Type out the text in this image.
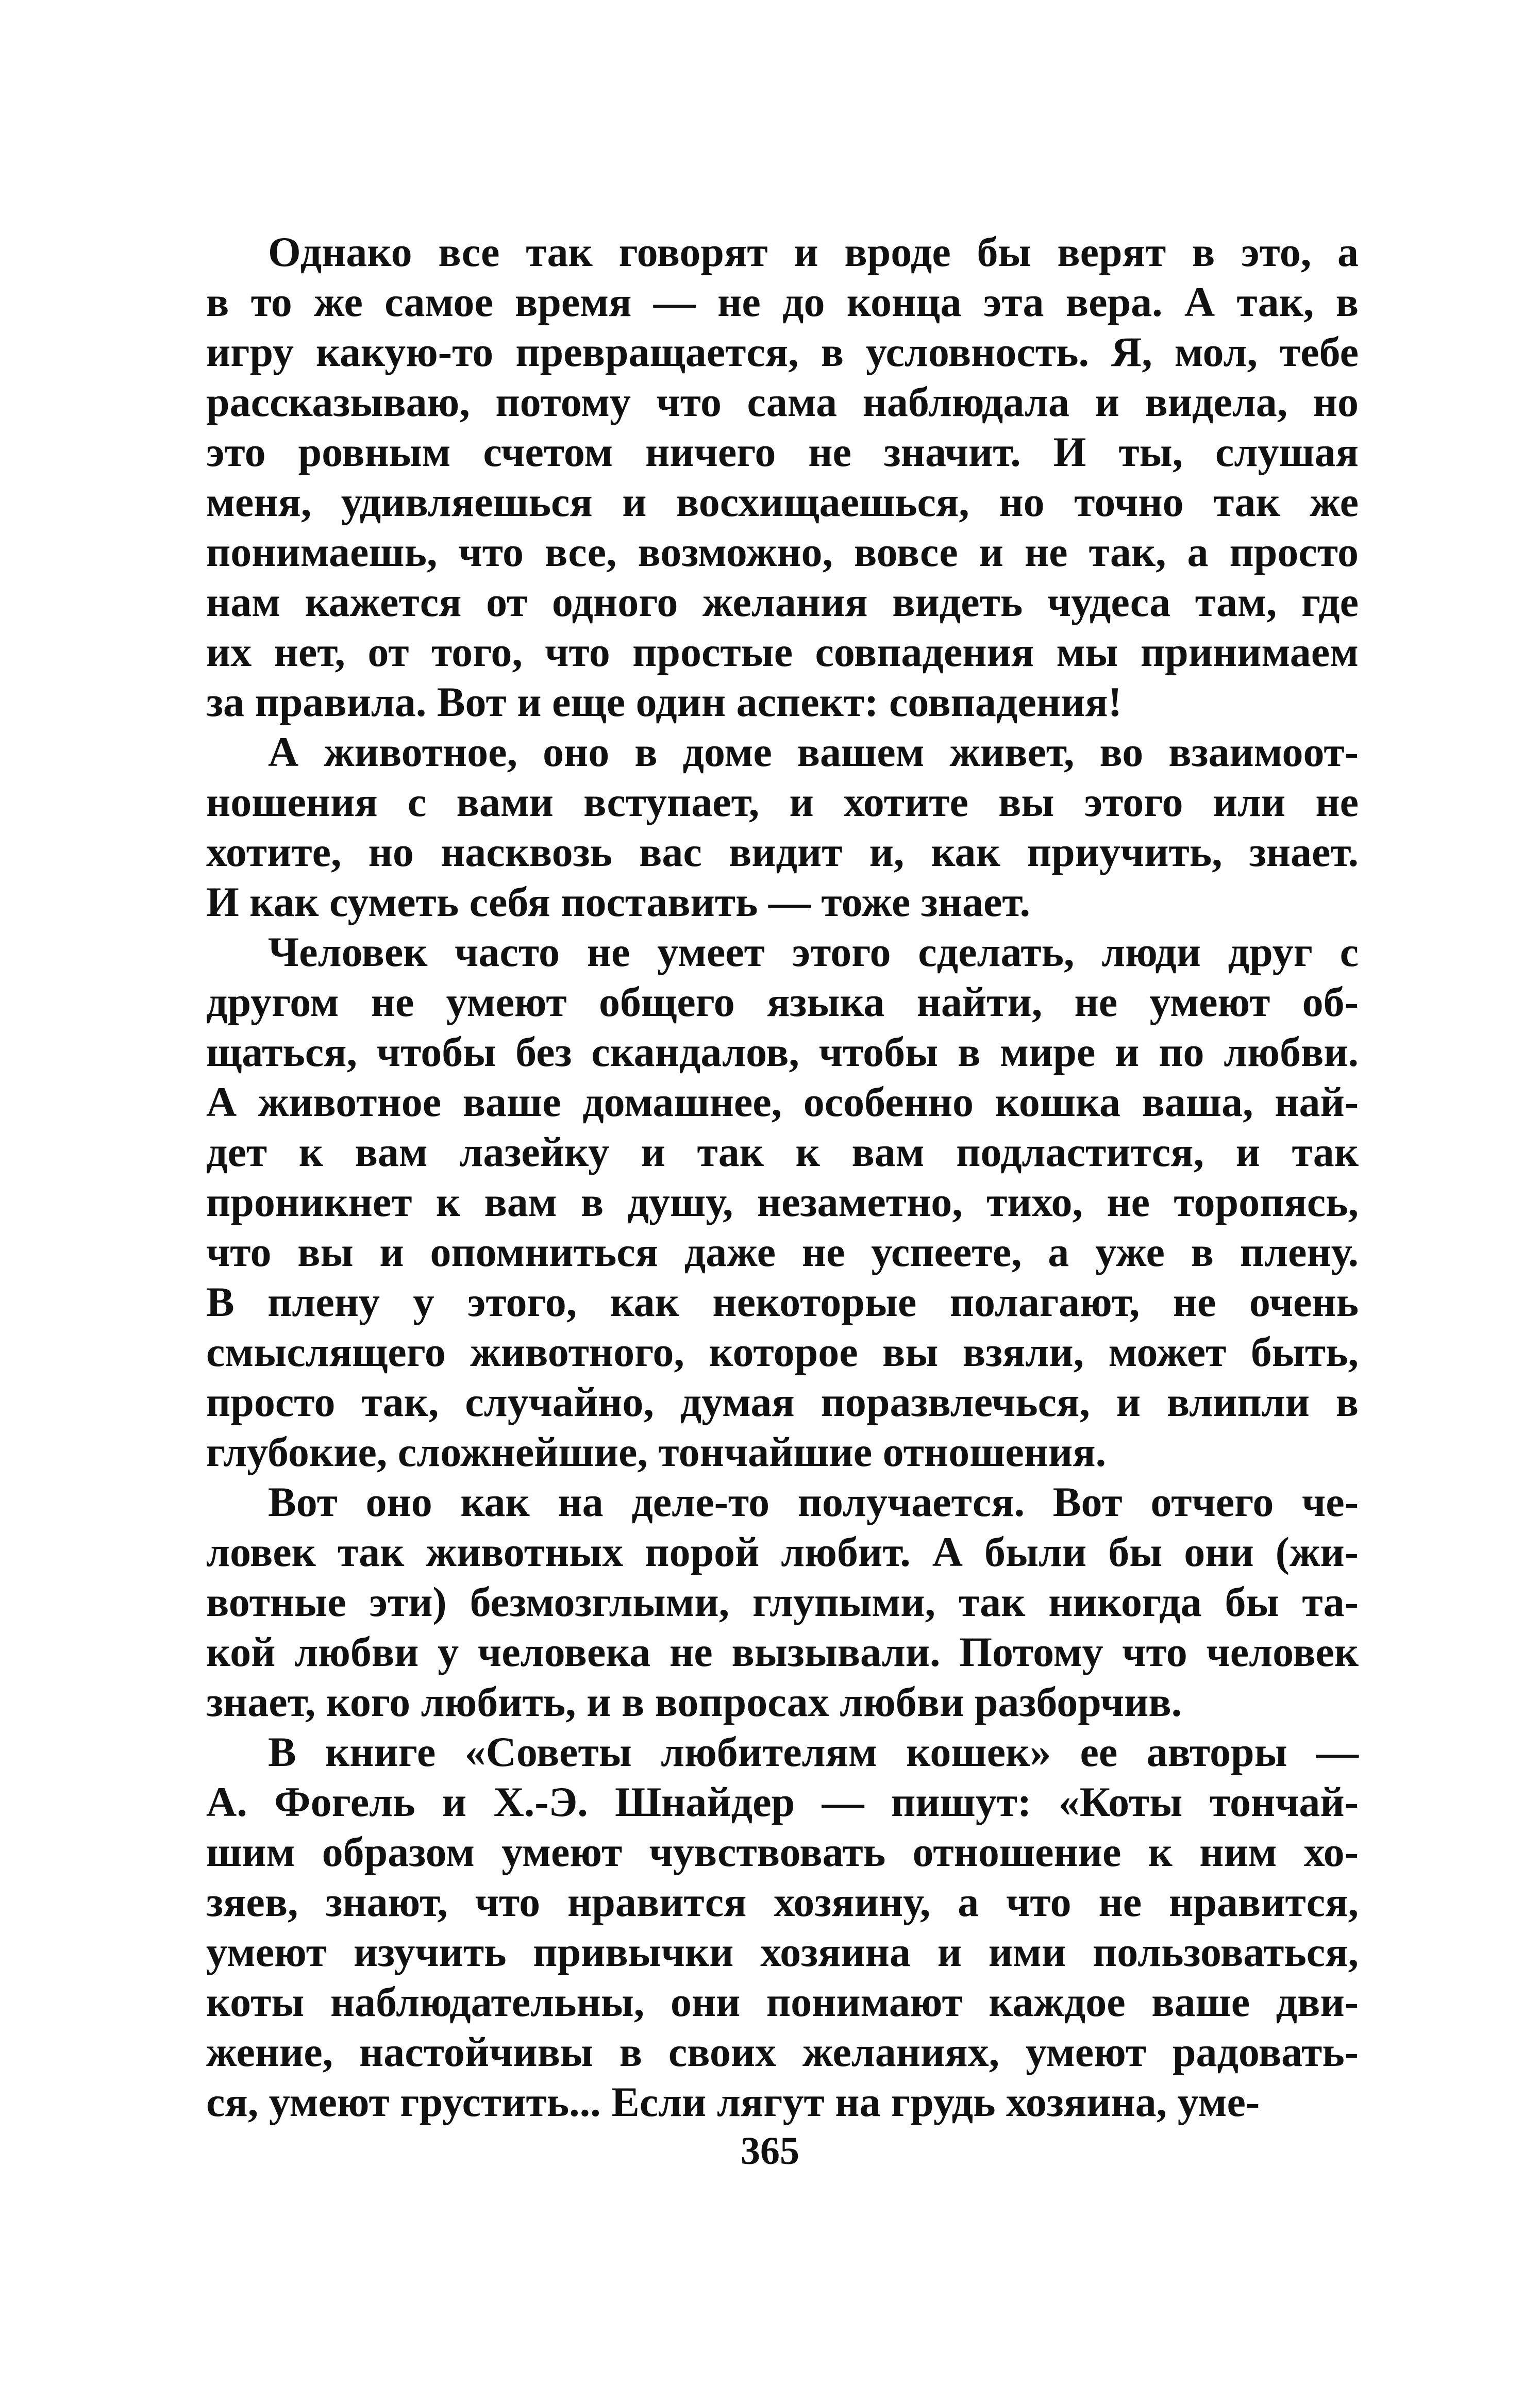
Однако все так говорят и вроде бы верят в это, а
в то же самое время — не до конца эта вера. А так, в
игру какую-то превращается, в условность. Я, мол, тебе
рассказываю, потому что сама наблюдала и видела, но
это ровным счетом ничего не значит. И ты, слушая
меня, удивляешься и восхищаешься, но точно так же
понимаешь, что все, возможно, вовсе и не так, а просто
нам кажется от одного желания видеть чудеса там, где
их нет, от того, что простые совпадения мы принимаем
за правила. Вот и еще один аспект: совпадения!
А животное, оно в доме вашем живет, во взаимоот-
ношения с вами вступает, и хотите вы этого или не
хотите, но насквозь вас видит и, как приучить, знает.
И как суметь себя поставить — тоже знает.
Человек часто не умеет этого сделать, люди друг с
другом не умеют общего языка найти, не умеют об-
щаться, чтобы без скандалов, чтобы в мире и по любви.
А животное ваше домашнее, особенно кошка ваша, най-
дет к вам лазейку и так к вам подластится, и так
проникнет к вам в душу, незаметно, тихо, не торопясь,
что вы и опомниться даже не успеете, а уже в плену.
В плену у этого, как некоторые полагают, не очень
смыслящего животного, которое вы взяли, может быть,
просто так, случайно, думая поразвлечься, и влипли в
глубокие, сложнейшие, тончайшие отношения.
Вот оно как на деле-то получается. Вот отчего че-
ловек так животных порой любит. А были бы они (жи-
вотные эти) безмозглыми, глупыми, так никогда бы та-
кой любви у человека не вызывали. Потому что человек
знает, кого любить, и в вопросах любви разборчив.
В книге «Советы любителям кошек» ее авторы —
А. Фогель и Х.-Э. Шнайдер — пишут: «Коты тончай-
шим образом умеют чувствовать отношение к ним хо-
зяев, знают, что нравится хозяину, а что не нравится,
умеют изучить привычки хозяина и ими пользоваться,
коты наблюдательны, они понимают каждое ваше дви-
жение, настойчивы в своих желаниях, умеют радовать-
ся, умеют грустить... Если лягут на грудь хозяина, уме-
365
